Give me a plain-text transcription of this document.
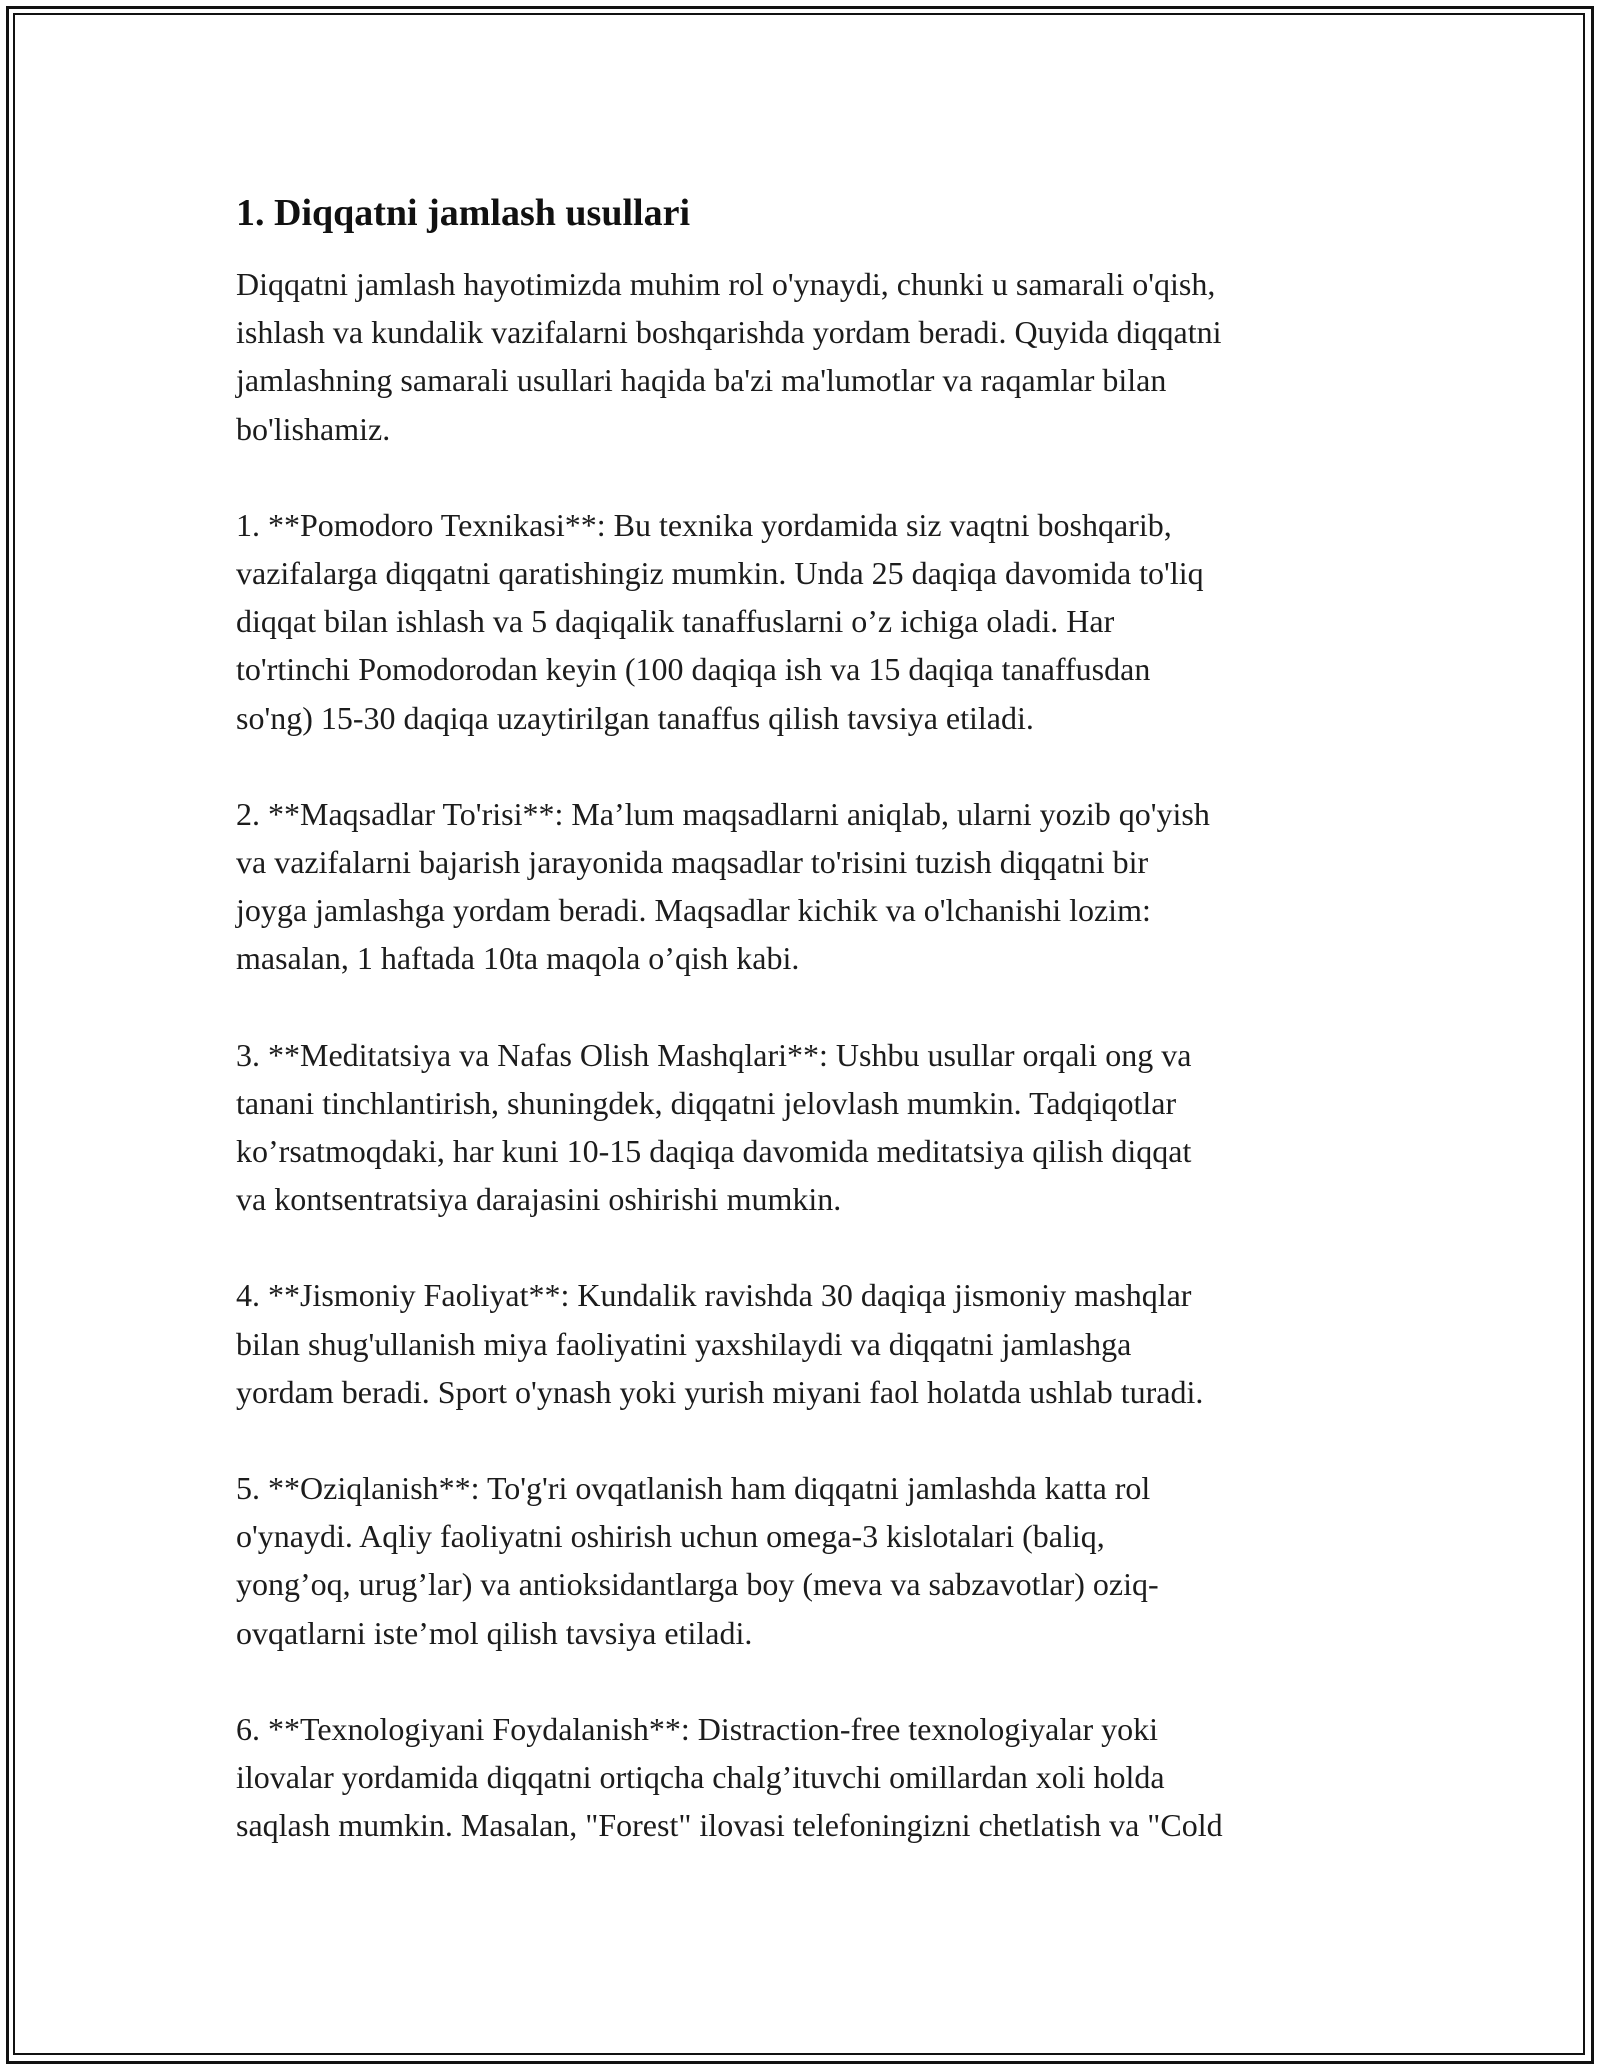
1. Diqqatni jamlash usullari

Diqqatni jamlash hayotimizda muhim rol o'ynaydi, chunki u samarali o'qish,
ishlash va kundalik vazifalarni boshqarishda yordam beradi. Quyida diqqatni
jamlashning samarali usullari haqida ba'zi ma'lumotlar va raqamlar bilan
bo'lishamiz.

1. **Pomodoro Texnikasi**: Bu texnika yordamida siz vaqtni boshqarib,
vazifalarga diqqatni qaratishingiz mumkin. Unda 25 daqiqa davomida to'liq
diqqat bilan ishlash va 5 daqiqalik tanaffuslarni o’z ichiga oladi. Har
to'rtinchi Pomodorodan keyin (100 daqiqa ish va 15 daqiqa tanaffusdan
so'ng) 15-30 daqiqa uzaytirilgan tanaffus qilish tavsiya etiladi.

2. **Maqsadlar To'risi**: Ma’lum maqsadlarni aniqlab, ularni yozib qo'yish
va vazifalarni bajarish jarayonida maqsadlar to'risini tuzish diqqatni bir
joyga jamlashga yordam beradi. Maqsadlar kichik va o'lchanishi lozim:
masalan, 1 haftada 10ta maqola o’qish kabi.

3. **Meditatsiya va Nafas Olish Mashqlari**: Ushbu usullar orqali ong va
tanani tinchlantirish, shuningdek, diqqatni jelovlash mumkin. Tadqiqotlar
ko’rsatmoqdaki, har kuni 10-15 daqiqa davomida meditatsiya qilish diqqat
va kontsentratsiya darajasini oshirishi mumkin.

4. **Jismoniy Faoliyat**: Kundalik ravishda 30 daqiqa jismoniy mashqlar
bilan shug'ullanish miya faoliyatini yaxshilaydi va diqqatni jamlashga
yordam beradi. Sport o'ynash yoki yurish miyani faol holatda ushlab turadi.

5. **Oziqlanish**: To'g'ri ovqatlanish ham diqqatni jamlashda katta rol
o'ynaydi. Aqliy faoliyatni oshirish uchun omega-3 kislotalari (baliq,
yong’oq, urug’lar) va antioksidantlarga boy (meva va sabzavotlar) oziq-
ovqatlarni iste’mol qilish tavsiya etiladi.

6. **Texnologiyani Foydalanish**: Distraction-free texnologiyalar yoki
ilovalar yordamida diqqatni ortiqcha chalg’ituvchi omillardan xoli holda
saqlash mumkin. Masalan, "Forest" ilovasi telefoningizni chetlatish va "Cold
